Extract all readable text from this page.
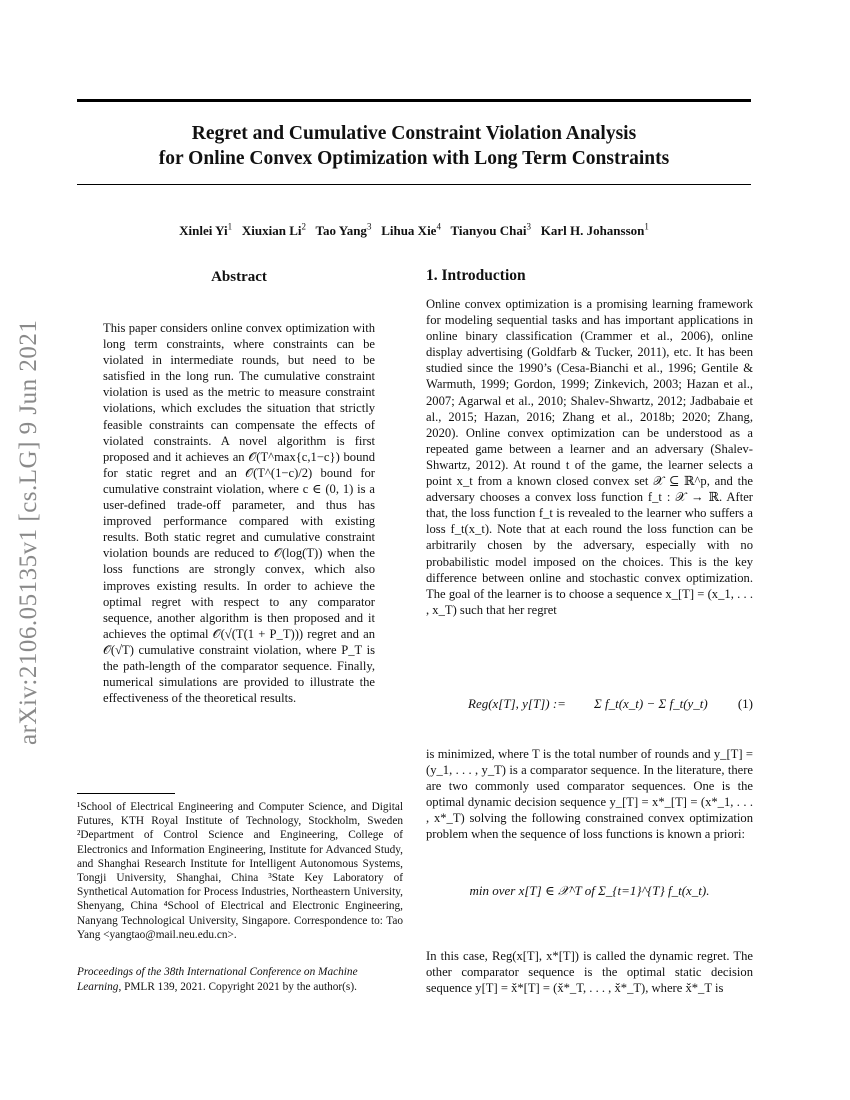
Regret and Cumulative Constraint Violation Analysis
for Online Convex Optimization with Long Term Constraints
Xinlei Yi$^1$ Xiuxian Li$^2$ Tao Yang$^3$ Lihua Xie$^4$ Tianyou Chai$^3$ Karl H. Johansson$^1$
arXiv:2106.05135v1 [cs.LG] 9 Jun 2021
Abstract
This paper considers online convex optimization with long term constraints, where constraints can be violated in intermediate rounds, but need to be satisfied in the long run. The cumulative constraint violation is used as the metric to measure constraint violations, which excludes the situation that strictly feasible constraints can compensate the effects of violated constraints. A novel algorithm is first proposed and it achieves an 𝒪(T^max{c,1−c}) bound for static regret and an 𝒪(T^(1−c)/2) bound for cumulative constraint violation, where c ∈ (0, 1) is a user-defined trade-off parameter, and thus has improved performance compared with existing results. Both static regret and cumulative constraint violation bounds are reduced to 𝒪(log(T)) when the loss functions are strongly convex, which also improves existing results. In order to achieve the optimal regret with respect to any comparator sequence, another algorithm is then proposed and it achieves the optimal 𝒪(√(T(1 + P_T))) regret and an 𝒪(√T) cumulative constraint violation, where P_T is the path-length of the comparator sequence. Finally, numerical simulations are provided to illustrate the effectiveness of the theoretical results.
¹School of Electrical Engineering and Computer Science, and Digital Futures, KTH Royal Institute of Technology, Stockholm, Sweden ²Department of Control Science and Engineering, College of Electronics and Information Engineering, Institute for Advanced Study, and Shanghai Research Institute for Intelligent Autonomous Systems, Tongji University, Shanghai, China ³State Key Laboratory of Synthetical Automation for Process Industries, Northeastern University, Shenyang, China ⁴School of Electrical and Electronic Engineering, Nanyang Technological University, Singapore. Correspondence to: Tao Yang <yangtao@mail.neu.edu.cn>.
Proceedings of the 38th International Conference on Machine Learning, PMLR 139, 2021. Copyright 2021 by the author(s).
1. Introduction
Online convex optimization is a promising learning framework for modeling sequential tasks and has important applications in online binary classification (Crammer et al., 2006), online display advertising (Goldfarb & Tucker, 2011), etc. It has been studied since the 1990’s (Cesa-Bianchi et al., 1996; Gentile & Warmuth, 1999; Gordon, 1999; Zinkevich, 2003; Hazan et al., 2007; Agarwal et al., 2010; Shalev-Shwartz, 2012; Jadbabaie et al., 2015; Hazan, 2016; Zhang et al., 2018b; 2020; Zhang, 2020). Online convex optimization can be understood as a repeated game between a learner and an adversary (Shalev-Shwartz, 2012). At round t of the game, the learner selects a point x_t from a known closed convex set 𝒳 ⊆ ℝ^p, and the adversary chooses a convex loss function f_t : 𝒳 → ℝ. After that, the loss function f_t is revealed to the learner who suffers a loss f_t(x_t). Note that at each round the loss function can be arbitrarily chosen by the adversary, especially with no probabilistic model imposed on the choices. This is the key difference between online and stochastic convex optimization. The goal of the learner is to choose a sequence x_[T] = (x_1, . . . , x_T) such that her regret
Reg(x[T], y[T]) := Σ f_t(x_t) − Σ f_t(y_t) (1)
is minimized, where T is the total number of rounds and y_[T] = (y_1, . . . , y_T) is a comparator sequence. In the literature, there are two commonly used comparator sequences. One is the optimal dynamic decision sequence y_[T] = x*_[T] = (x*_1, . . . , x*_T) solving the following constrained convex optimization problem when the sequence of loss functions is known a priori:
min over x[T] ∈ 𝒳^T of Σ_{t=1}^{T} f_t(x_t).
In this case, Reg(x[T], x*[T]) is called the dynamic regret. The other comparator sequence is the optimal static decision sequence y[T] = x̌*[T] = (x̌*_T, . . . , x̌*_T), where x̌*_T is
